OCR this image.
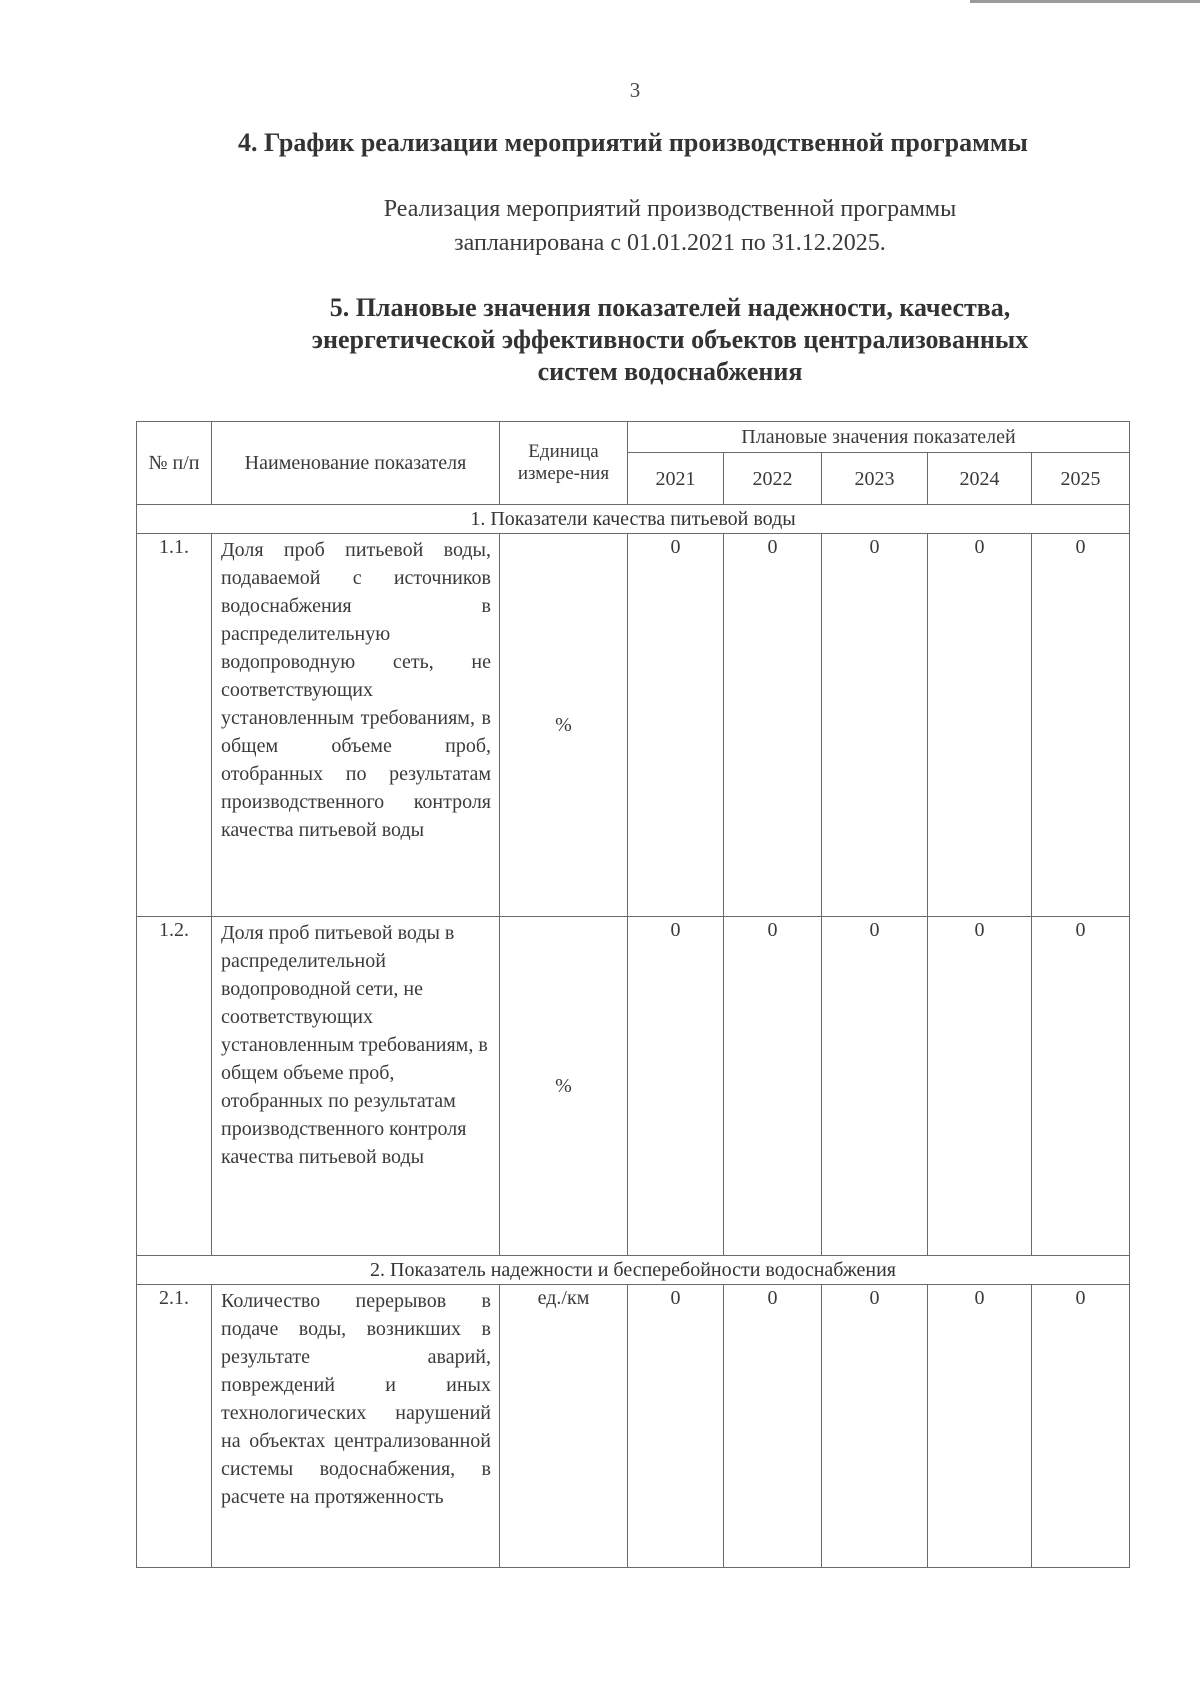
3
4. График реализации мероприятий производственной программы
Реализация мероприятий производственной программы
запланирована с 01.01.2021 по 31.12.2025.
5. Плановые значения показателей надежности, качества,
энергетической эффективности объектов централизованных
систем водоснабжения
№ п/п	Наименование показателя	Единица измере-ния	Плановые значения показателей				
			2021	2022	2023	2024	2025
1. Показатели качества питьевой воды							
1.1.	Доля проб питьевой воды, подаваемой с источников водоснабжения в распределительную водопроводную сеть, не соответствующих установленным требованиям, в общем объеме проб, отобранных по результатам производственного контроля качества питьевой воды	%	0	0	0	0	0
1.2.	Доля проб питьевой воды в распределительной водопроводной сети, не соответствующих установленным требованиям, в общем объеме проб, отобранных по результатам производственного контроля качества питьевой воды	%	0	0	0	0	0
2. Показатель надежности и бесперебойности водоснабжения							
2.1.	Количество перерывов в подаче воды, возникших в результате аварий, повреждений и иных технологических нарушений на объектах централизованной системы водоснабжения, в расчете на протяженность	ед./км	0	0	0	0	0
